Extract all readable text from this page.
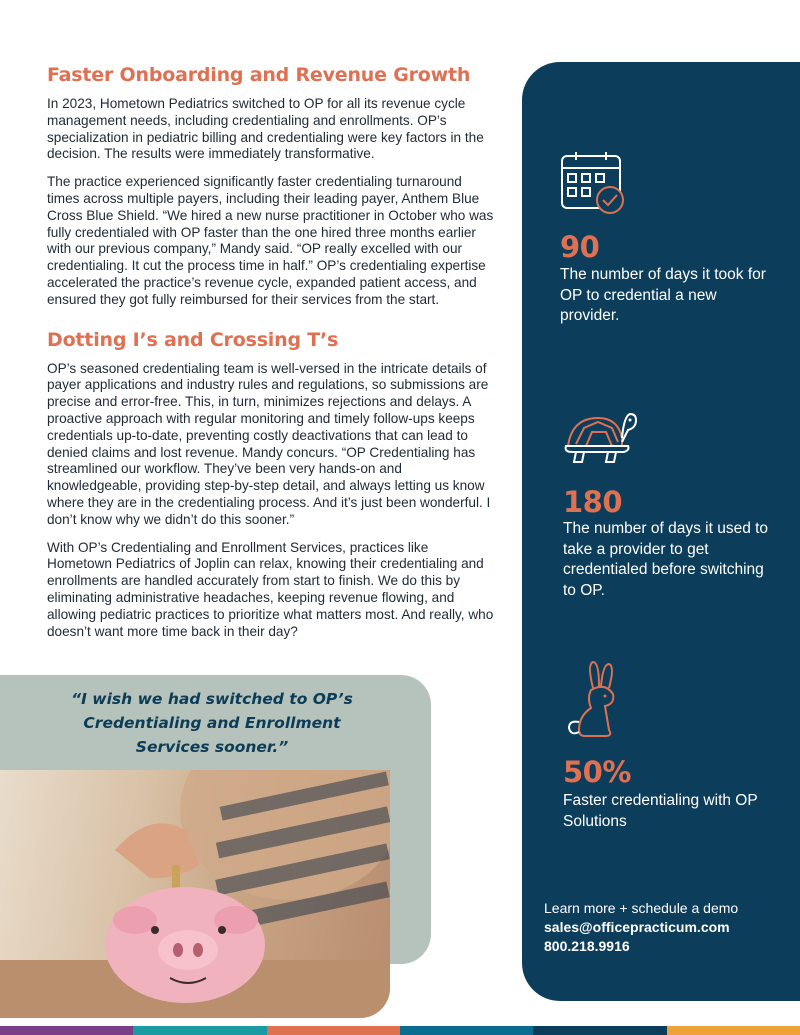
Faster Onboarding and Revenue Growth

In 2023, Hometown Pediatrics switched to OP for all its revenue cycle management needs, including credentialing and enrollments. OP’s specialization in pediatric billing and credentialing were key factors in the decision. The results were immediately transformative.

The practice experienced significantly faster credentialing turnaround times across multiple payers, including their leading payer, Anthem Blue Cross Blue Shield. “We hired a new nurse practitioner in October who was fully credentialed with OP faster than the one hired three months earlier with our previous company,” Mandy said. “OP really excelled with our credentialing. It cut the process time in half.” OP’s credentialing expertise accelerated the practice’s revenue cycle, expanded patient access, and ensured they got fully reimbursed for their services from the start.

Dotting I’s and Crossing T’s

OP’s seasoned credentialing team is well-versed in the intricate details of payer applications and industry rules and regulations, so submissions are precise and error-free. This, in turn, minimizes rejections and delays. A proactive approach with regular monitoring and timely follow-ups keeps credentials up-to-date, preventing costly deactivations that can lead to denied claims and lost revenue. Mandy concurs. “OP Credentialing has streamlined our workflow. They’ve been very hands-on and knowledgeable, providing step-by-step detail, and always letting us know where they are in the credentialing process. And it’s just been wonderful. I don’t know why we didn’t do this sooner.”

With OP’s Credentialing and Enrollment Services, practices like Hometown Pediatrics of Joplin can relax, knowing their credentialing and enrollments are handled accurately from start to finish. We do this by eliminating administrative headaches, keeping revenue flowing, and allowing pediatric practices to prioritize what matters most. And really, who doesn’t want more time back in their day?

“I wish we had switched to OP’s Credentialing and Enrollment Services sooner.”
90
The number of days it took for OP to credential a new provider.
180
The number of days it used to take a provider to get credentialed before switching to OP.
50%
Faster credentialing with OP Solutions
Learn more + schedule a demo
sales@officepracticum.com
800.218.9916
